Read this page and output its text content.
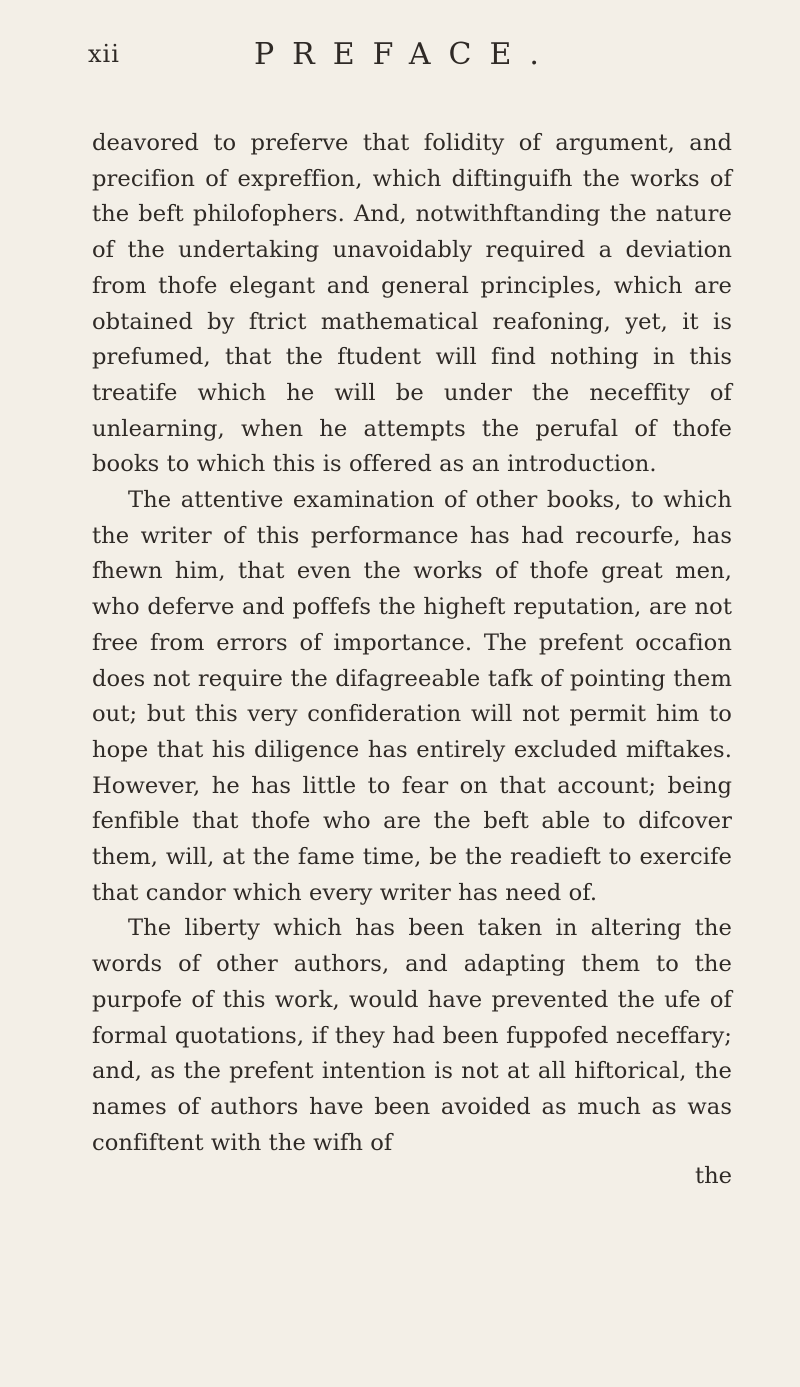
xii	PREFACE.

deavored to preferve that folidity of argument, and precifion of expreffion, which diftinguifh the works of the beft philofophers. And, notwithftanding the nature of the undertaking unavoidably required a deviation from thofe elegant and general principles, which are obtained by ftrict mathematical reafoning, yet, it is prefumed, that the ftudent will find nothing in this treatife which he will be under the neceffity of unlearning, when he attempts the perufal of thofe books to which this is offered as an introduction.

The attentive examination of other books, to which the writer of this performance has had recourfe, has fhewn him, that even the works of thofe great men, who deferve and poffefs the higheft reputation, are not free from errors of importance. The prefent occafion does not require the difagreeable tafk of pointing them out; but this very confideration will not permit him to hope that his diligence has entirely excluded miftakes. However, he has little to fear on that account; being fenfible that thofe who are the beft able to difcover them, will, at the fame time, be the readieft to exercife that candor which every writer has need of.

The liberty which has been taken in altering the words of other authors, and adapting them to the purpofe of this work, would have prevented the ufe of formal quotations, if they had been fuppofed neceffary; and, as the prefent intention is not at all hiftorical, the names of authors have been avoided as much as was confiftent with the wifh of

the
